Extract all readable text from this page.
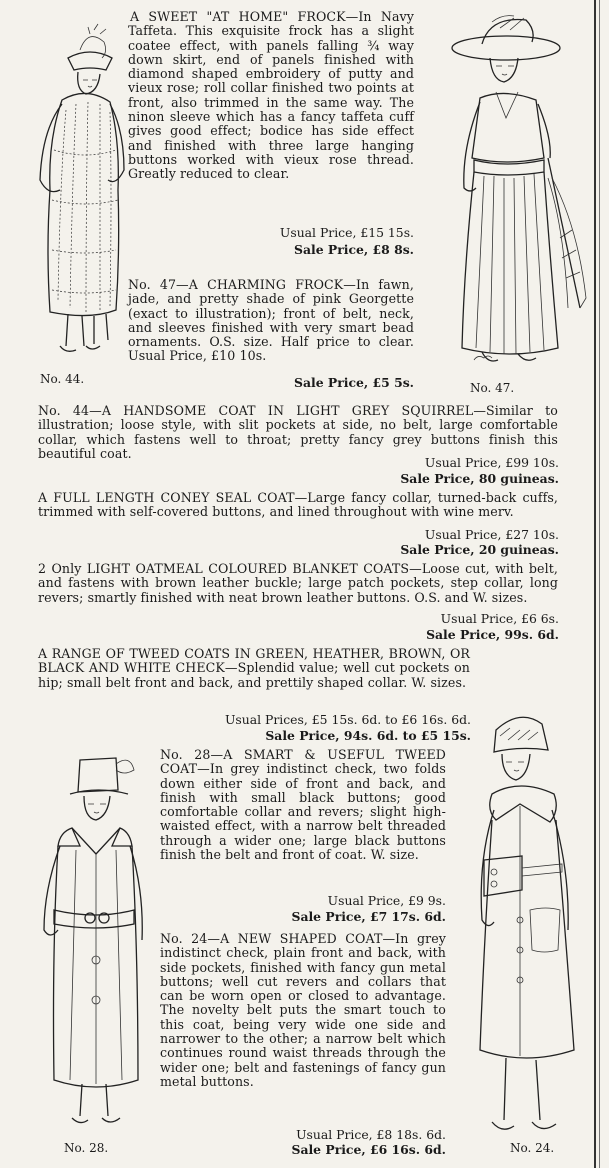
No. 44.
No. 47.
No. 28.	No. 24.
A SWEET "AT HOME" FROCK—In Navy Taffeta. This exquisite frock has a slight coatee effect, with panels falling ¾ way down skirt, end of panels finished with diamond shaped embroidery of putty and vieux rose; roll collar finished two points at front, also trimmed in the same way. The ninon sleeve which has a fancy taffeta cuff gives good effect; bodice has side effect and finished with three large hanging buttons worked with vieux rose thread. Greatly reduced to clear.
Usual Price, £15 15s.
Sale Price, £8 8s.
No. 47—A CHARMING FROCK—In fawn, jade, and pretty shade of pink Georgette (exact to illustration); front of belt, neck, and sleeves finished with very smart bead ornaments. O.S. size. Half price to clear. Usual Price, £10 10s.
Sale Price, £5 5s.
No. 44—A HANDSOME COAT IN LIGHT GREY SQUIRREL—Similar to illustration; loose style, with slit pockets at side, no belt, large comfortable collar, which fastens well to throat; pretty fancy grey buttons finish this beautiful coat.
Usual Price, £99 10s.
Sale Price, 80 guineas.
A FULL LENGTH CONEY SEAL COAT—Large fancy collar, turned-back cuffs, trimmed with self-covered buttons, and lined throughout with wine merv.
Usual Price, £27 10s.
Sale Price, 20 guineas.
2 Only LIGHT OATMEAL COLOURED BLANKET COATS—Loose cut, with belt, and fastens with brown leather buckle; large patch pockets, step collar, long revers; smartly finished with neat brown leather buttons. O.S. and W. sizes.
Usual Price, £6 6s.
Sale Price, 99s. 6d.
A RANGE OF TWEED COATS IN GREEN, HEATHER, BROWN, OR BLACK AND WHITE CHECK—Splendid value; well cut pockets on hip; small belt front and back, and prettily shaped collar. W. sizes.
Usual Prices, £5 15s. 6d. to £6 16s. 6d.
Sale Price, 94s. 6d. to £5 15s.
No. 28—A SMART & USEFUL TWEED COAT—In grey indistinct check, two folds down either side of front and back, and finish with small black buttons; good comfortable collar and revers; slight high-waisted effect, with a narrow belt threaded through a wider one; large black buttons finish the belt and front of coat. W. size.
Usual Price, £9 9s.
Sale Price, £7 17s. 6d.
No. 24—A NEW SHAPED COAT—In grey indistinct check, plain front and back, with side pockets, finished with fancy gun metal buttons; well cut revers and collars that can be worn open or closed to advantage. The novelty belt puts the smart touch to this coat, being very wide one side and narrower to the other; a narrow belt which continues round waist threads through the wider one; belt and fastenings of fancy gun metal buttons.
Usual Price, £8 18s. 6d.
Sale Price, £6 16s. 6d.
